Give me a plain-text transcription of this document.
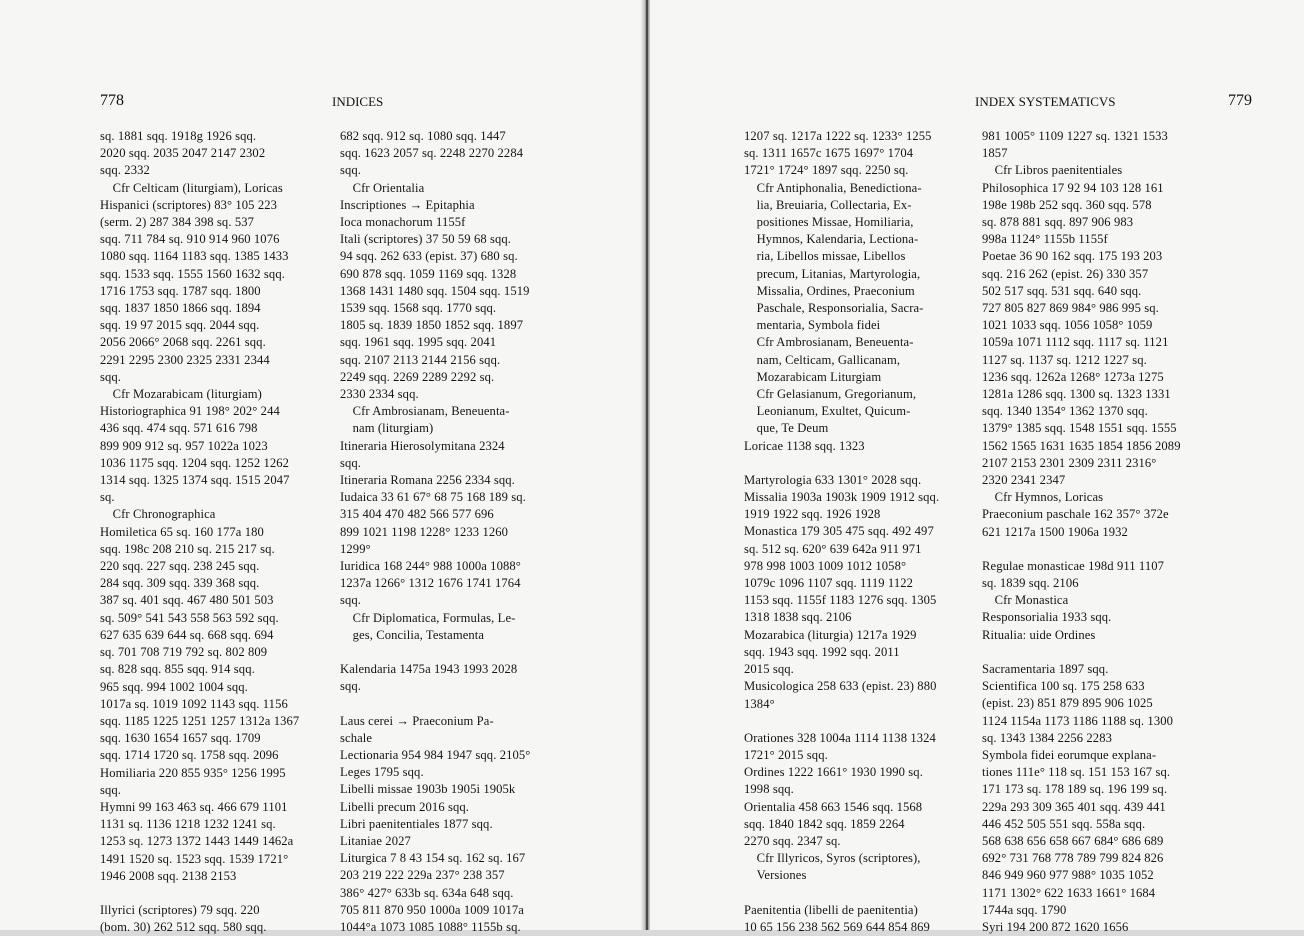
778	INDICES
sq. 1881 sqq. 1918g 1926 sqq.
2020 sqq. 2035 2047 2147 2302
sqq. 2332
Cfr Celticam (liturgiam), Loricas
Hispanici (scriptores) 83° 105 223
(serm. 2) 287 384 398 sq. 537
sqq. 711 784 sq. 910 914 960 1076
1080 sqq. 1164 1183 sqq. 1385 1433
sqq. 1533 sqq. 1555 1560 1632 sqq.
1716 1753 sqq. 1787 sqq. 1800
sqq. 1837 1850 1866 sqq. 1894
sqq. 19 97 2015 sqq. 2044 sqq.
2056 2066° 2068 sqq. 2261 sqq.
2291 2295 2300 2325 2331 2344
sqq.
Cfr Mozarabicam (liturgiam)
Historiographica 91 198° 202° 244
436 sqq. 474 sqq. 571 616 798
899 909 912 sq. 957 1022a 1023
1036 1175 sqq. 1204 sqq. 1252 1262
1314 sqq. 1325 1374 sqq. 1515 2047
sq.
Cfr Chronographica
Homiletica 65 sq. 160 177a 180
sqq. 198c 208 210 sq. 215 217 sq.
220 sqq. 227 sqq. 238 245 sqq.
284 sqq. 309 sqq. 339 368 sqq.
387 sq. 401 sqq. 467 480 501 503
sq. 509° 541 543 558 563 592 sqq.
627 635 639 644 sq. 668 sqq. 694
sq. 701 708 719 792 sq. 802 809
sq. 828 sqq. 855 sqq. 914 sqq.
965 sqq. 994 1002 1004 sqq.
1017a sq. 1019 1092 1143 sqq. 1156
sqq. 1185 1225 1251 1257 1312a 1367
sqq. 1630 1654 1657 sqq. 1709
sqq. 1714 1720 sq. 1758 sqq. 2096
Homiliaria 220 855 935° 1256 1995
sqq.
Hymni 99 163 463 sq. 466 679 1101
1131 sq. 1136 1218 1232 1241 sq.
1253 sq. 1273 1372 1443 1449 1462a
1491 1520 sq. 1523 sqq. 1539 1721°
1946 2008 sqq. 2138 2153
Illyrici (scriptores) 79 sqq. 220
(bom. 30) 262 512 sqq. 580 sqq.
682 sqq. 912 sq. 1080 sqq. 1447
sqq. 1623 2057 sq. 2248 2270 2284
sqq.
Cfr Orientalia
Inscriptiones → Epitaphia
Ioca monachorum 1155f
Itali (scriptores) 37 50 59 68 sqq.
94 sqq. 262 633 (epist. 37) 680 sq.
690 878 sqq. 1059 1169 sqq. 1328
1368 1431 1480 sqq. 1504 sqq. 1519
1539 sqq. 1568 sqq. 1770 sqq.
1805 sq. 1839 1850 1852 sqq. 1897
sqq. 1961 sqq. 1995 sqq. 2041
sqq. 2107 2113 2144 2156 sqq.
2249 sqq. 2269 2289 2292 sq.
2330 2334 sqq.
Cfr Ambrosianam, Beneuenta-
nam (liturgiam)
Itineraria Hierosolymitana 2324
sqq.
Itineraria Romana 2256 2334 sqq.
Iudaica 33 61 67° 68 75 168 189 sq.
315 404 470 482 566 577 696
899 1021 1198 1228° 1233 1260
1299°
Iuridica 168 244° 988 1000a 1088°
1237a 1266° 1312 1676 1741 1764
sqq.
Cfr Diplomatica, Formulas, Le-
ges, Concilia, Testamenta
Kalendaria 1475a 1943 1993 2028
sqq.
Laus cerei → Praeconium Pa-
schale
Lectionaria 954 984 1947 sqq. 2105°
Leges 1795 sqq.
Libelli missae 1903b 1905i 1905k
Libelli precum 2016 sqq.
Libri paenitentiales 1877 sqq.
Litaniae 2027
Liturgica 7 8 43 154 sq. 162 sq. 167
203 219 222 229a 237° 238 357
386° 427° 633b sq. 634a 648 sqq.
705 811 870 950 1000a 1009 1017a
1044°a 1073 1085 1088° 1155b sq.
INDEX SYSTEMATICVS	779
1207 sq. 1217a 1222 sq. 1233° 1255
sq. 1311 1657c 1675 1697° 1704
1721° 1724° 1897 sqq. 2250 sq.
Cfr Antiphonalia, Benedictiona-
lia, Breuiaria, Collectaria, Ex-
positiones Missae, Homiliaria,
Hymnos, Kalendaria, Lectiona-
ria, Libellos missae, Libellos
precum, Litanias, Martyrologia,
Missalia, Ordines, Praeconium
Paschale, Responsorialia, Sacra-
mentaria, Symbola fidei
Cfr Ambrosianam, Beneuenta-
nam, Celticam, Gallicanam,
Mozarabicam Liturgiam
Cfr Gelasianum, Gregorianum,
Leonianum, Exultet, Quicum-
que, Te Deum
Loricae 1138 sqq. 1323
Martyrologia 633 1301° 2028 sqq.
Missalia 1903a 1903k 1909 1912 sqq.
1919 1922 sqq. 1926 1928
Monastica 179 305 475 sqq. 492 497
sq. 512 sq. 620° 639 642a 911 971
978 998 1003 1009 1012 1058°
1079c 1096 1107 sqq. 1119 1122
1153 sqq. 1155f 1183 1276 sqq. 1305
1318 1838 sqq. 2106
Mozarabica (liturgia) 1217a 1929
sqq. 1943 sqq. 1992 sqq. 2011
2015 sqq.
Musicologica 258 633 (epist. 23) 880
1384°
Orationes 328 1004a 1114 1138 1324
1721° 2015 sqq.
Ordines 1222 1661° 1930 1990 sq.
1998 sqq.
Orientalia 458 663 1546 sqq. 1568
sqq. 1840 1842 sqq. 1859 2264
2270 sqq. 2347 sq.
Cfr Illyricos, Syros (scriptores),
Versiones
Paenitentia (libelli de paenitentia)
10 65 156 238 562 569 644 854 869
981 1005° 1109 1227 sq. 1321 1533
1857
Cfr Libros paenitentiales
Philosophica 17 92 94 103 128 161
198e 198b 252 sqq. 360 sqq. 578
sq. 878 881 sqq. 897 906 983
998a 1124° 1155b 1155f
Poetae 36 90 162 sqq. 175 193 203
sqq. 216 262 (epist. 26) 330 357
502 517 sqq. 531 sqq. 640 sqq.
727 805 827 869 984° 986 995 sq.
1021 1033 sqq. 1056 1058° 1059
1059a 1071 1112 sqq. 1117 sq. 1121
1127 sq. 1137 sq. 1212 1227 sq.
1236 sqq. 1262a 1268° 1273a 1275
1281a 1286 sqq. 1300 sq. 1323 1331
sqq. 1340 1354° 1362 1370 sqq.
1379° 1385 sqq. 1548 1551 sqq. 1555
1562 1565 1631 1635 1854 1856 2089
2107 2153 2301 2309 2311 2316°
2320 2341 2347
Cfr Hymnos, Loricas
Praeconium paschale 162 357° 372e
621 1217a 1500 1906a 1932
Regulae monasticae 198d 911 1107
sq. 1839 sqq. 2106
Cfr Monastica
Responsorialia 1933 sqq.
Ritualia: uide Ordines
Sacramentaria 1897 sqq.
Scientifica 100 sq. 175 258 633
(epist. 23) 851 879 895 906 1025
1124 1154a 1173 1186 1188 sq. 1300
sq. 1343 1384 2256 2283
Symbola fidei eorumque explana-
tiones 111e° 118 sq. 151 153 167 sq.
171 173 sq. 178 189 sq. 196 199 sq.
229a 293 309 365 401 sqq. 439 441
446 452 505 551 sqq. 558a sqq.
568 638 656 658 667 684° 686 689
692° 731 768 778 789 799 824 826
846 949 960 977 988° 1035 1052
1171 1302° 622 1633 1661° 1684
1744a sqq. 1790
Syri 194 200 872 1620 1656
